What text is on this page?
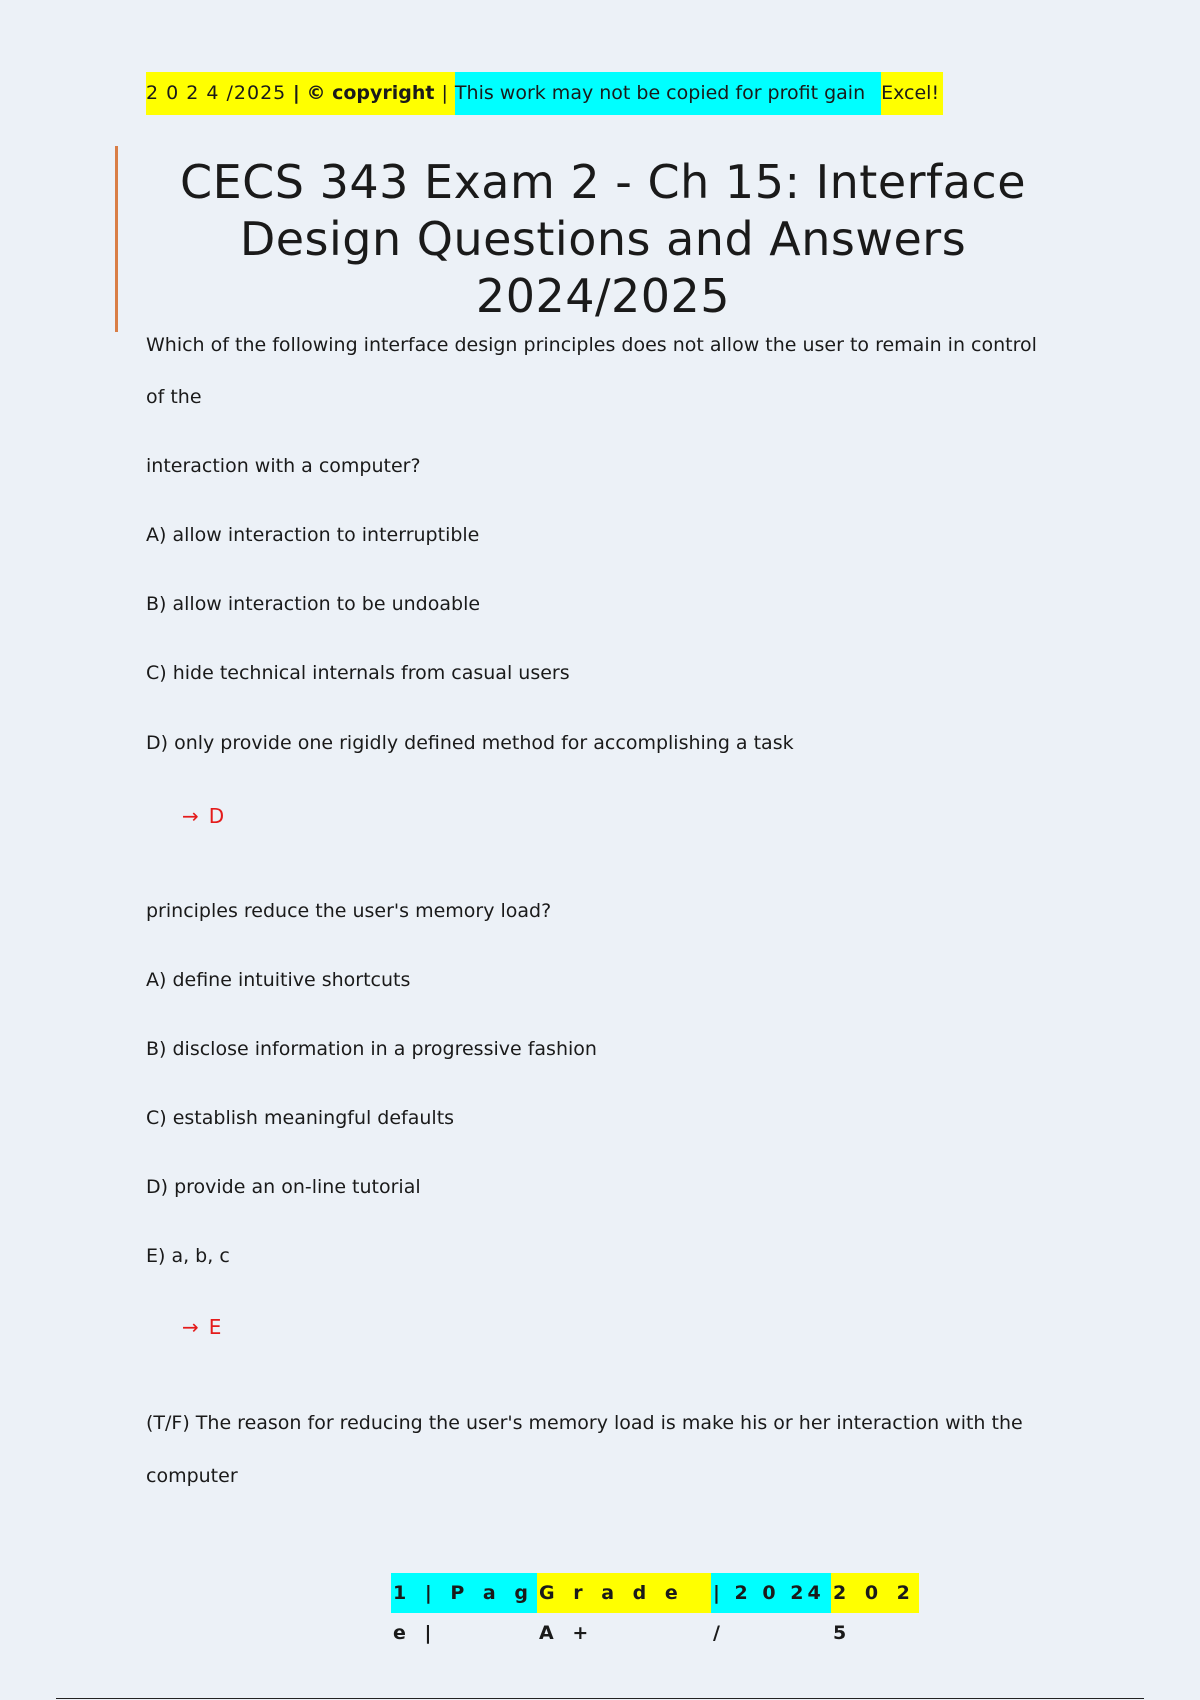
2 0 2 4 /2025 | © copyright | This work may not be copied for profit gain Excel!
CECS 343 Exam 2 - Ch 15: Interface Design Questions and Answers 2024/2025

Which of the following interface design principles does not allow the user to remain in control

of the

interaction with a computer?

A) allow interaction to interruptible

B) allow interaction to be undoable

C) hide technical internals from casual users

D) only provide one rigidly defined method for accomplishing a task

→ D

principles reduce the user's memory load?

A) define intuitive shortcuts

B) disclose information in a progressive fashion

C) establish meaningful defaults

D) provide an on-line tutorial

E) a, b, c

→ E

(T/F) The reason for reducing the user's memory load is make his or her interaction with the

computer

1 | P a g e |
G r a d e A +
| 2 0 24 /
2 0 2 5
